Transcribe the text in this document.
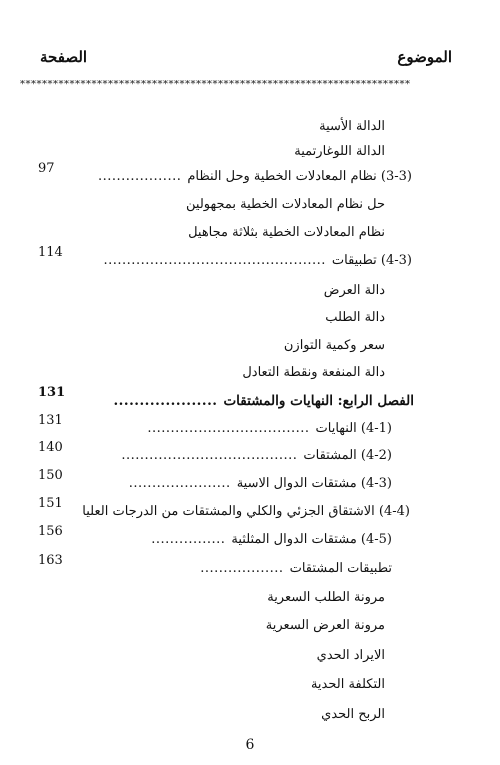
الموضوع
الصفحة
***********************************************************************
الدالة الأسية
الدالة اللوغارتمية
(3-3) نظام المعادلات الخطية وحل النظام
..................
97
حل نظام المعادلات الخطية بمجهولين
نظام المعادلات الخطية بثلاثة مجاهيل
(4-3) تطبيقات
................................................
114
دالة العرض
دالة الطلب
سعر وكمية التوازن
دالة المنفعة ونقطة التعادل
الفصل الرابع: النهايات والمشتقات
....................
131
(4-1) النهايات
...................................
131
(4-2) المشتقات
......................................
140
(4-3) مشتقات الدوال الاسية
......................
150
(4-4) الاشتقاق الجزئي والكلي والمشتقات من الدرجات العليا
151
(4-5) مشتقات الدوال المثلثية
................
156
تطبيقات المشتقات
..................
163
مرونة الطلب السعرية
مرونة العرض السعرية
الايراد الحدي
التكلفة الحدية
الربح الحدي
6
